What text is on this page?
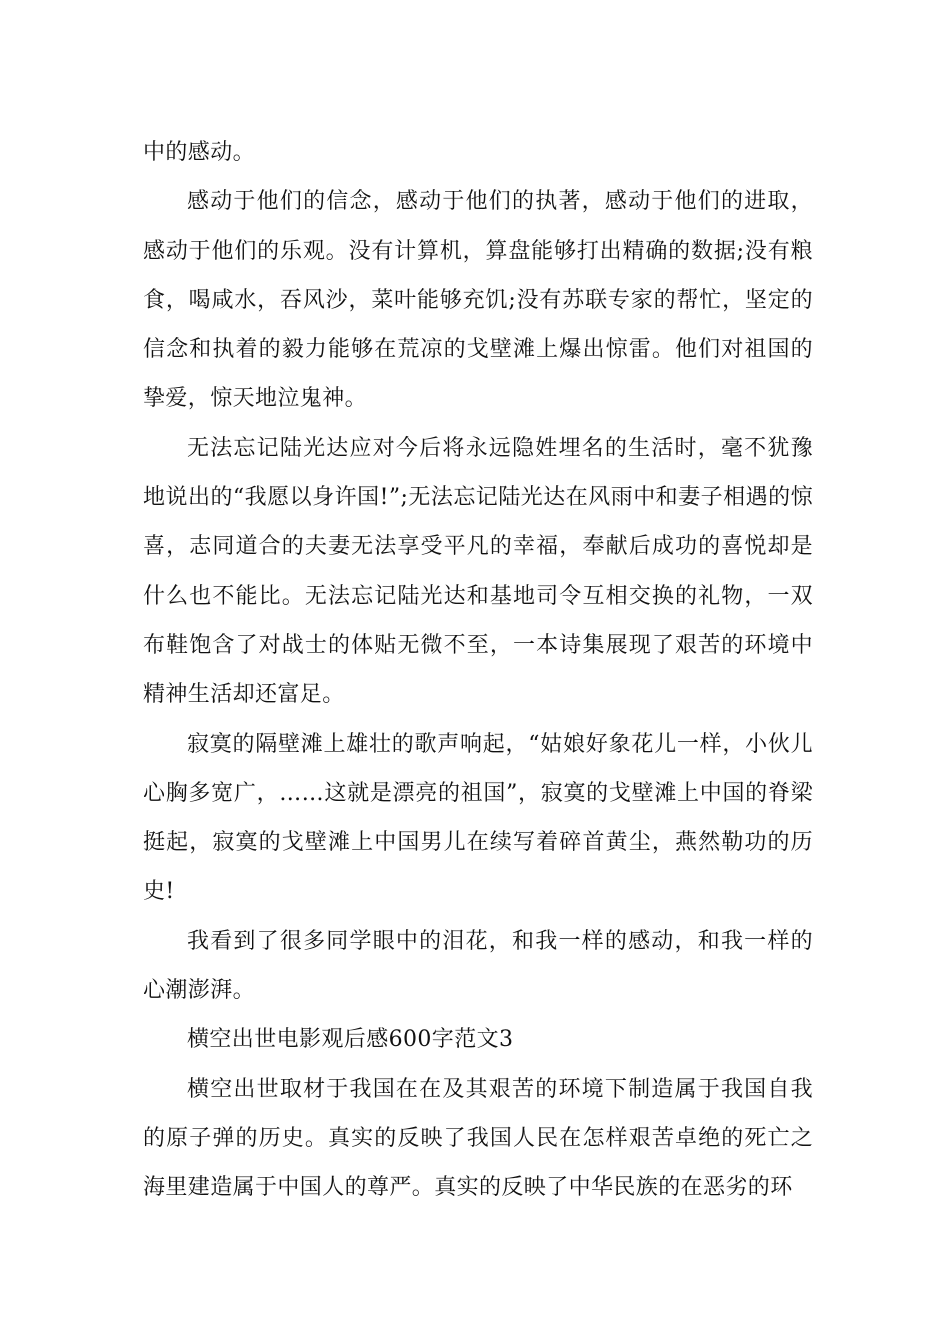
中的感动。

感动于他们的信念，感动于他们的执著，感动于他们的进取，感动于他们的乐观。没有计算机，算盘能够打出精确的数据;没有粮食，喝咸水，吞风沙，菜叶能够充饥;没有苏联专家的帮忙，坚定的信念和执着的毅力能够在荒凉的戈壁滩上爆出惊雷。他们对祖国的挚爱，惊天地泣鬼神。

无法忘记陆光达应对今后将永远隐姓埋名的生活时，毫不犹豫地说出的“我愿以身许国!”;无法忘记陆光达在风雨中和妻子相遇的惊喜，志同道合的夫妻无法享受平凡的幸福，奉献后成功的喜悦却是什么也不能比。无法忘记陆光达和基地司令互相交换的礼物，一双布鞋饱含了对战士的体贴无微不至，一本诗集展现了艰苦的环境中精神生活却还富足。

寂寞的隔壁滩上雄壮的歌声响起，“姑娘好象花儿一样，小伙儿心胸多宽广，……这就是漂亮的祖国”，寂寞的戈壁滩上中国的脊梁挺起，寂寞的戈壁滩上中国男儿在续写着碎首黄尘，燕然勒功的历史!

我看到了很多同学眼中的泪花，和我一样的感动，和我一样的心潮澎湃。

横空出世电影观后感600字范文3

横空出世取材于我国在在及其艰苦的环境下制造属于我国自我的原子弹的历史。真实的反映了我国人民在怎样艰苦卓绝的死亡之海里建造属于中国人的尊严。真实的反映了中华民族的在恶劣的环
